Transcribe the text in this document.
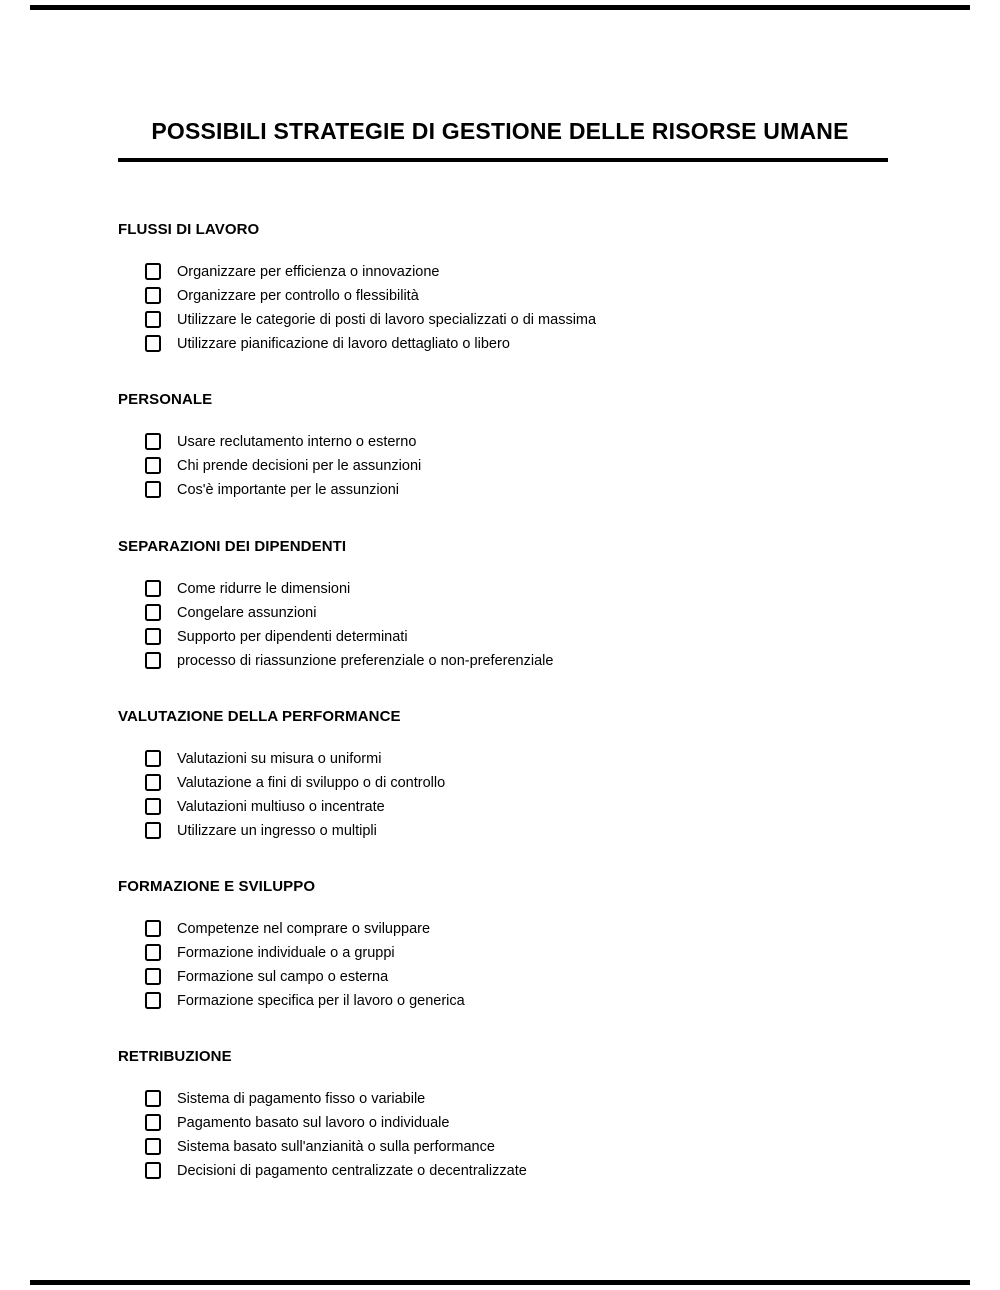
POSSIBILI STRATEGIE DI GESTIONE DELLE RISORSE UMANE
FLUSSI DI LAVORO
Organizzare per efficienza o innovazione
Organizzare per controllo o flessibilità
Utilizzare le categorie di posti di lavoro specializzati o di massima
Utilizzare pianificazione di lavoro dettagliato o libero
PERSONALE
Usare reclutamento interno o esterno
Chi prende decisioni per le assunzioni
Cos'è importante per le assunzioni
SEPARAZIONI DEI DIPENDENTI
Come ridurre le dimensioni
Congelare assunzioni
Supporto per dipendenti determinati
processo di riassunzione preferenziale o non-preferenziale
VALUTAZIONE DELLA PERFORMANCE
Valutazioni su misura o uniformi
Valutazione a fini di sviluppo o di controllo
Valutazioni multiuso o incentrate
Utilizzare un ingresso o multipli
FORMAZIONE E SVILUPPO
Competenze nel comprare o sviluppare
Formazione individuale o a gruppi
Formazione sul campo o esterna
Formazione specifica per il lavoro o generica
RETRIBUZIONE
Sistema di pagamento fisso o variabile
Pagamento basato sul lavoro o individuale
Sistema basato sull'anzianità o sulla performance
Decisioni di pagamento centralizzate o decentralizzate
